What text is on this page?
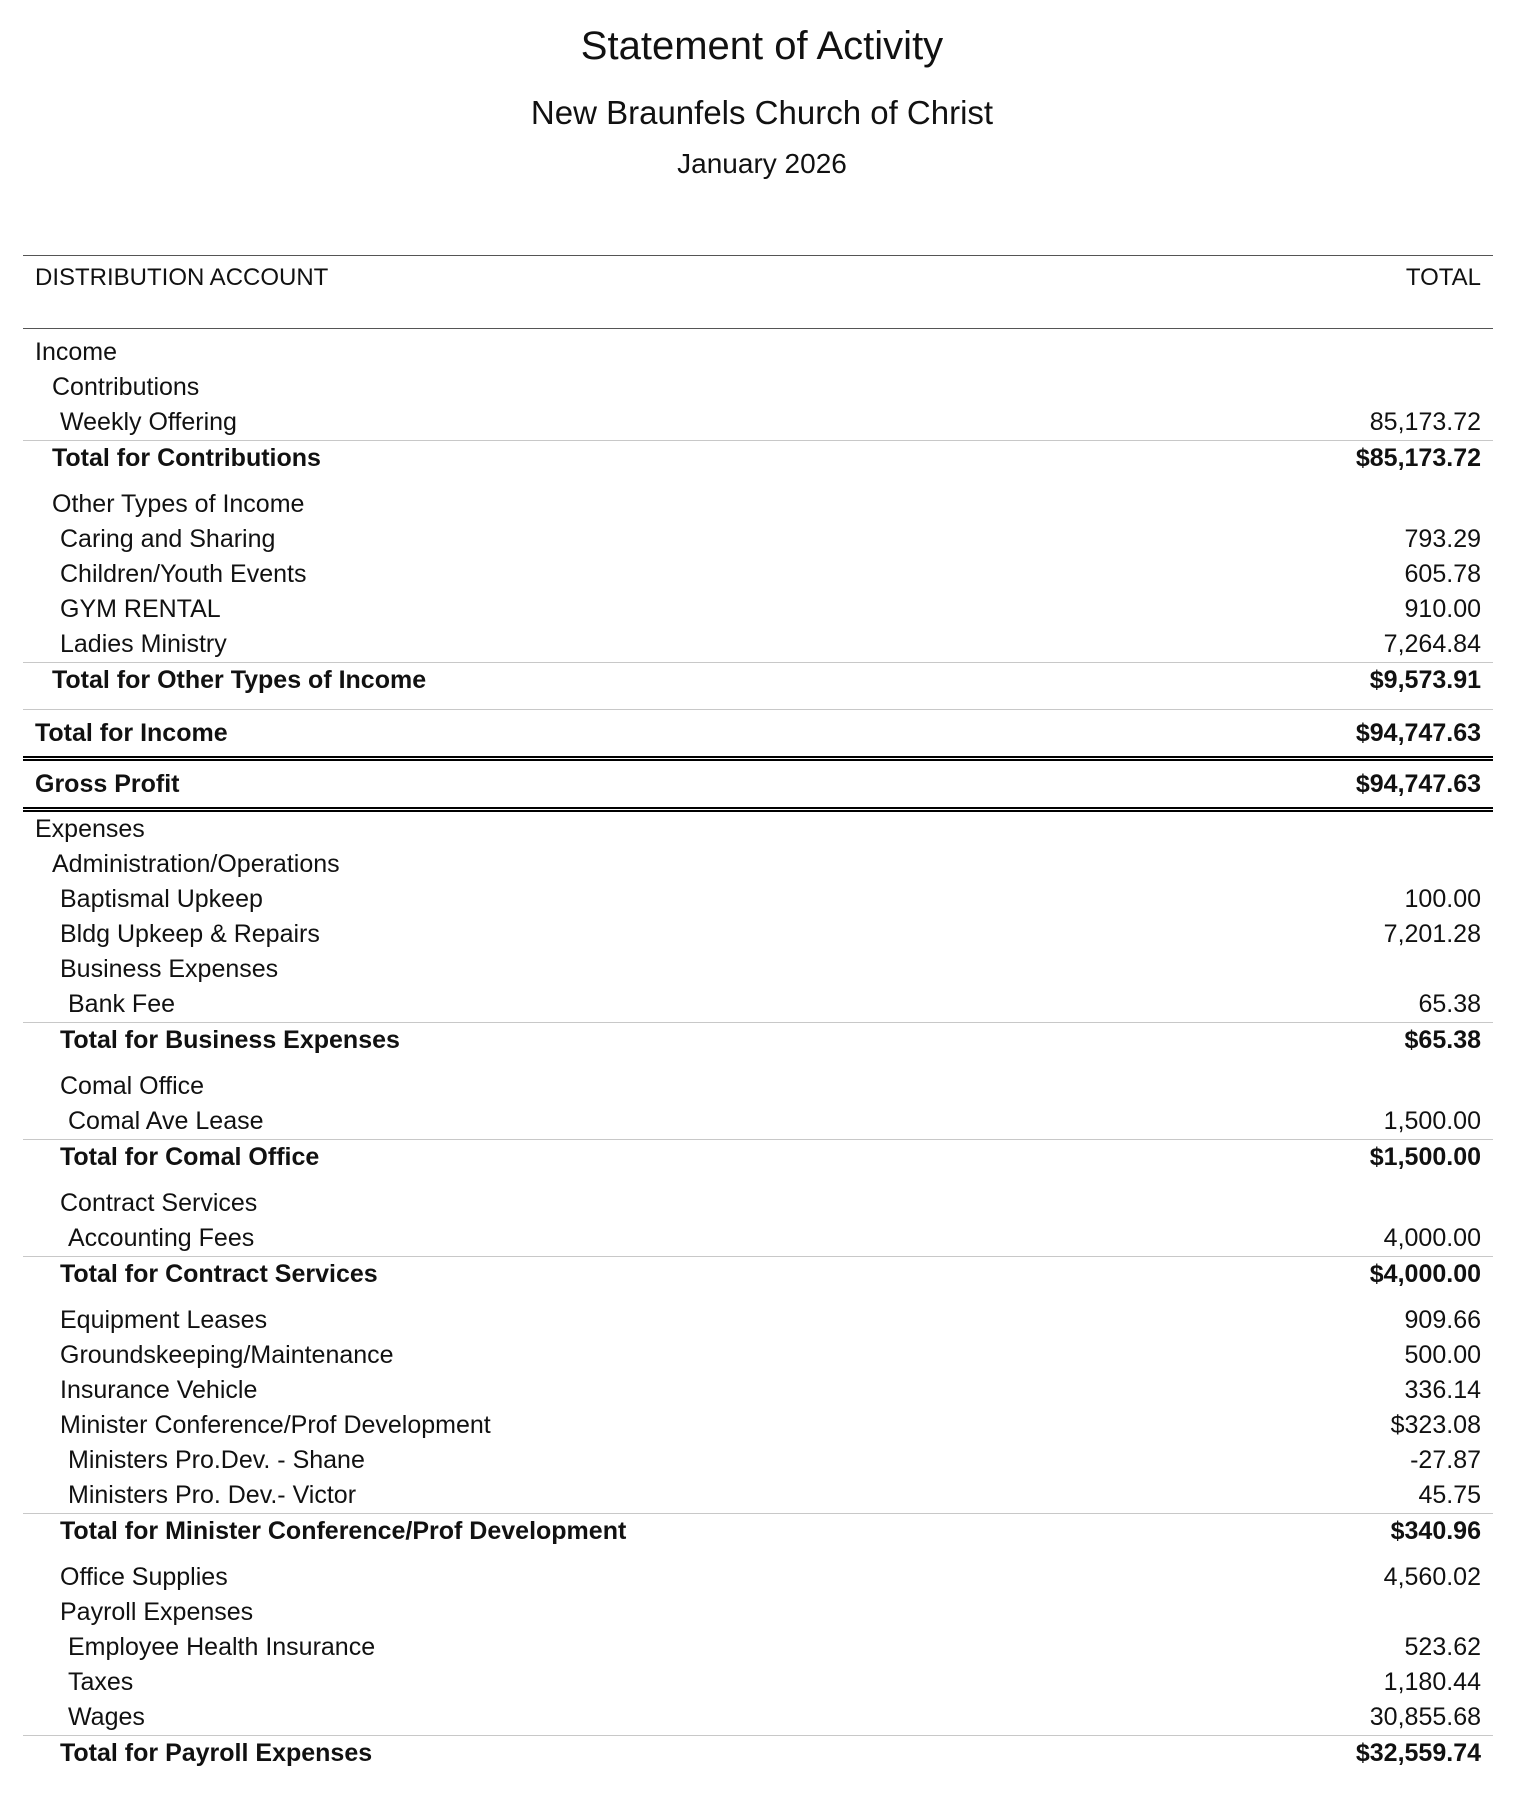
Statement of Activity
New Braunfels Church of Christ
January 2026
DISTRIBUTION ACCOUNT	TOTAL
Income
Contributions
Weekly Offering	85,173.72
Total for Contributions	$85,173.72
Other Types of Income
Caring and Sharing	793.29
Children/Youth Events	605.78
GYM RENTAL	910.00
Ladies Ministry	7,264.84
Total for Other Types of Income	$9,573.91
Total for Income	$94,747.63
Gross Profit	$94,747.63
Expenses
Administration/Operations
Baptismal Upkeep	100.00
Bldg Upkeep & Repairs	7,201.28
Business Expenses
Bank Fee	65.38
Total for Business Expenses	$65.38
Comal Office
Comal Ave Lease	1,500.00
Total for Comal Office	$1,500.00
Contract Services
Accounting Fees	4,000.00
Total for Contract Services	$4,000.00
Equipment Leases	909.66
Groundskeeping/Maintenance	500.00
Insurance Vehicle	336.14
Minister Conference/Prof Development	$323.08
Ministers Pro.Dev. - Shane	-27.87
Ministers Pro. Dev.- Victor	45.75
Total for Minister Conference/Prof Development	$340.96
Office Supplies	4,560.02
Payroll Expenses
Employee Health Insurance	523.62
Taxes	1,180.44
Wages	30,855.68
Total for Payroll Expenses	$32,559.74
